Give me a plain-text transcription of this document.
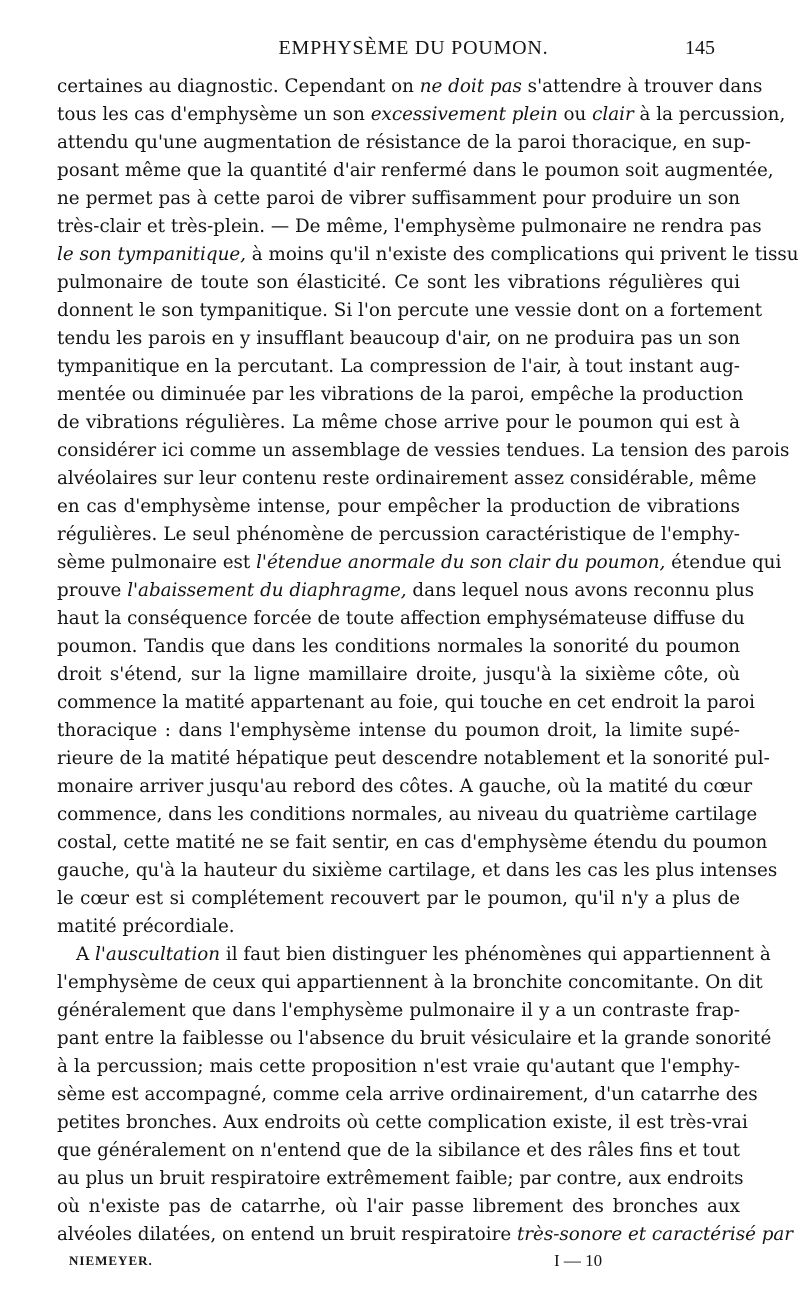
EMPHYSÈME DU POUMON.	145
certaines au diagnostic. Cependant on ne doit pas s'attendre à trouver dans
tous les cas d'emphysème un son excessivement plein ou clair à la percussion,
attendu qu'une augmentation de résistance de la paroi thoracique, en sup-
posant même que la quantité d'air renfermé dans le poumon soit augmentée,
ne permet pas à cette paroi de vibrer suffisamment pour produire un son
très-clair et très-plein. — De même, l'emphysème pulmonaire ne rendra pas
le son tympanitique, à moins qu'il n'existe des complications qui privent le tissu
pulmonaire de toute son élasticité. Ce sont les vibrations régulières qui
donnent le son tympanitique. Si l'on percute une vessie dont on a fortement
tendu les parois en y insufflant beaucoup d'air, on ne produira pas un son
tympanitique en la percutant. La compression de l'air, à tout instant aug-
mentée ou diminuée par les vibrations de la paroi, empêche la production
de vibrations régulières. La même chose arrive pour le poumon qui est à
considérer ici comme un assemblage de vessies tendues. La tension des parois
alvéolaires sur leur contenu reste ordinairement assez considérable, même
en cas d'emphysème intense, pour empêcher la production de vibrations
régulières. Le seul phénomène de percussion caractéristique de l'emphy-
sème pulmonaire est l'étendue anormale du son clair du poumon, étendue qui
prouve l'abaissement du diaphragme, dans lequel nous avons reconnu plus
haut la conséquence forcée de toute affection emphysémateuse diffuse du
poumon. Tandis que dans les conditions normales la sonorité du poumon
droit s'étend, sur la ligne mamillaire droite, jusqu'à la sixième côte, où
commence la matité appartenant au foie, qui touche en cet endroit la paroi
thoracique : dans l'emphysème intense du poumon droit, la limite supé-
rieure de la matité hépatique peut descendre notablement et la sonorité pul-
monaire arriver jusqu'au rebord des côtes. A gauche, où la matité du cœur
commence, dans les conditions normales, au niveau du quatrième cartilage
costal, cette matité ne se fait sentir, en cas d'emphysème étendu du poumon
gauche, qu'à la hauteur du sixième cartilage, et dans les cas les plus intenses
le cœur est si complétement recouvert par le poumon, qu'il n'y a plus de
matité précordiale.
A l'auscultation il faut bien distinguer les phénomènes qui appartiennent à
l'emphysème de ceux qui appartiennent à la bronchite concomitante. On dit
généralement que dans l'emphysème pulmonaire il y a un contraste frap-
pant entre la faiblesse ou l'absence du bruit vésiculaire et la grande sonorité
à la percussion; mais cette proposition n'est vraie qu'autant que l'emphy-
sème est accompagné, comme cela arrive ordinairement, d'un catarrhe des
petites bronches. Aux endroits où cette complication existe, il est très-vrai
que généralement on n'entend que de la sibilance et des râles fins et tout
au plus un bruit respiratoire extrêmement faible; par contre, aux endroits
où n'existe pas de catarrhe, où l'air passe librement des bronches aux
alvéoles dilatées, on entend un bruit respiratoire très-sonore et caractérisé par
NIEMEYER.	I — 10
